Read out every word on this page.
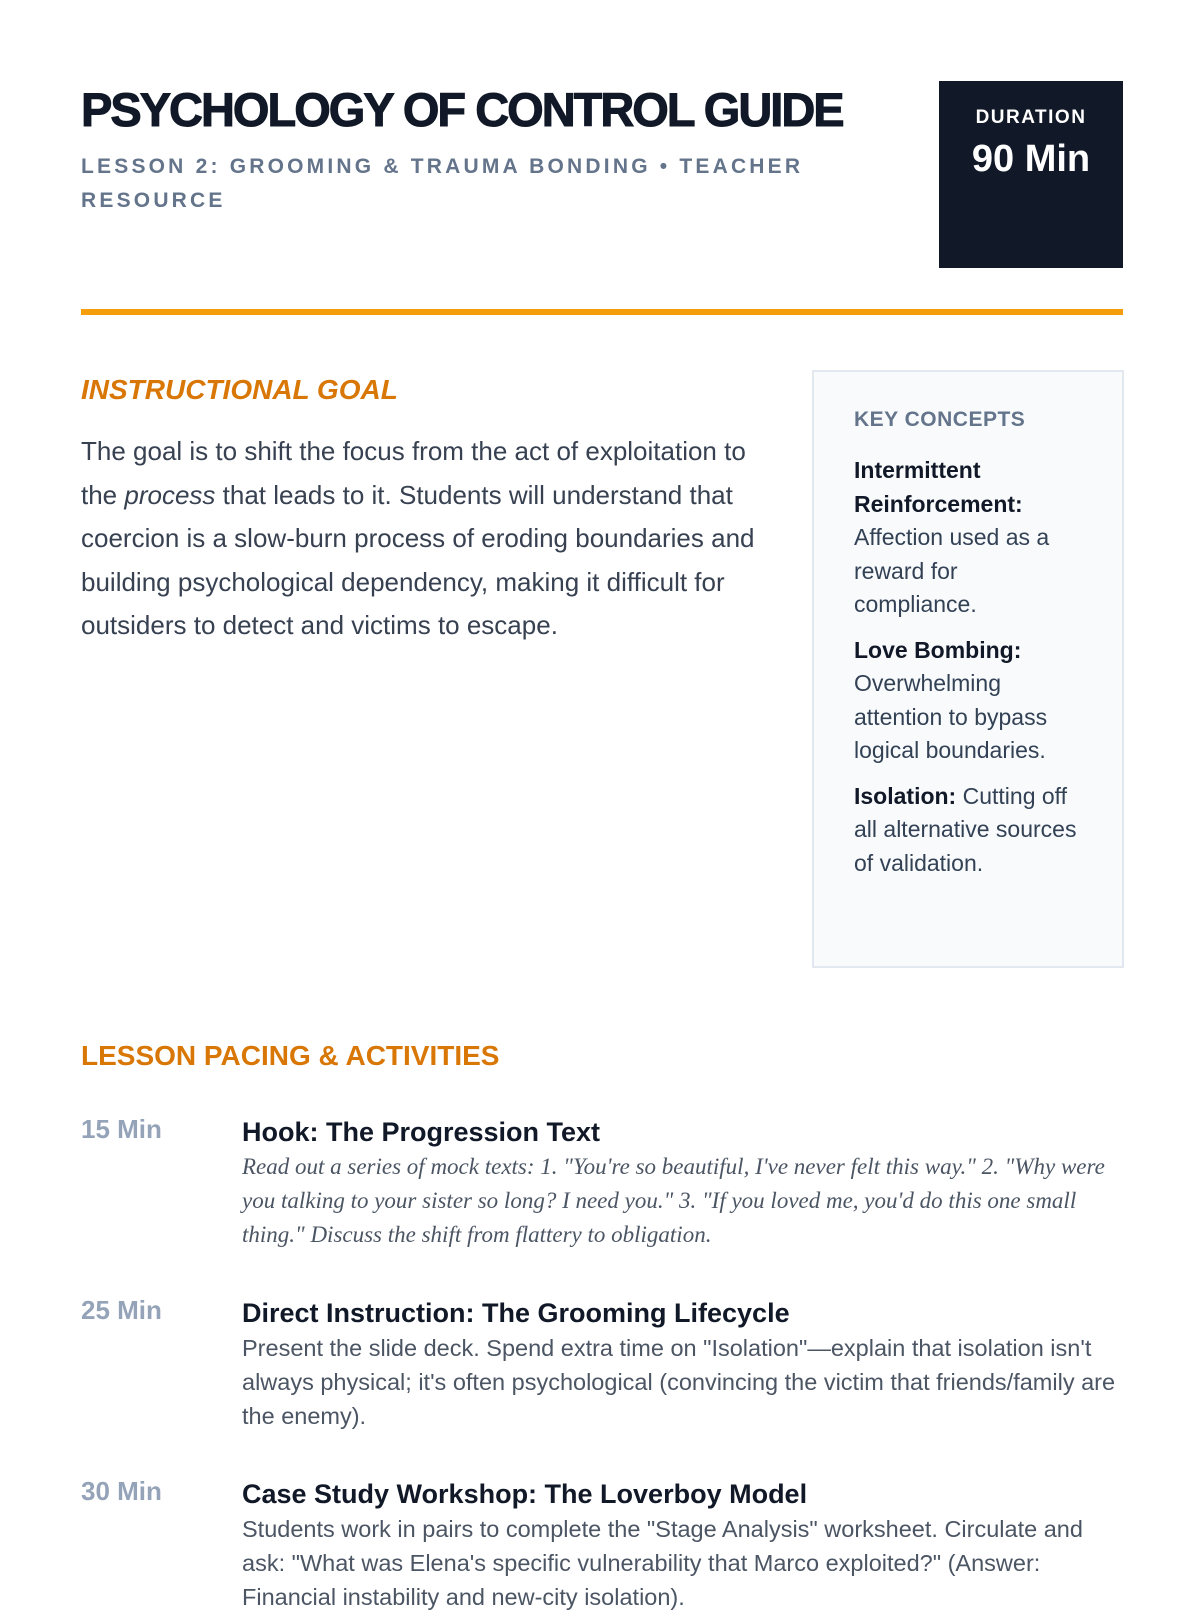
PSYCHOLOGY OF CONTROL GUIDE
LESSON 2: GROOMING & TRAUMA BONDING • TEACHER RESOURCE
DURATION
90 Min
INSTRUCTIONAL GOAL

The goal is to shift the focus from the act of exploitation to the process that leads to it. Students will understand that coercion is a slow-burn process of eroding boundaries and building psychological dependency, making it difficult for outsiders to detect and victims to escape.

KEY CONCEPTS
Intermittent Reinforcement: Affection used as a reward for compliance.
Love Bombing: Overwhelming attention to bypass logical boundaries.
Isolation: Cutting off all alternative sources of validation.
LESSON PACING & ACTIVITIES
15 Min	Hook: The Progression Text
Read out a series of mock texts: 1. "You're so beautiful, I've never felt this way." 2. "Why were you talking to your sister so long? I need you." 3. "If you loved me, you'd do this one small thing." Discuss the shift from flattery to obligation.
25 Min	Direct Instruction: The Grooming Lifecycle
Present the slide deck. Spend extra time on "Isolation"—explain that isolation isn't always physical; it's often psychological (convincing the victim that friends/family are the enemy).
30 Min	Case Study Workshop: The Loverboy Model
Students work in pairs to complete the "Stage Analysis" worksheet. Circulate and ask: "What was Elena's specific vulnerability that Marco exploited?" (Answer: Financial instability and new-city isolation).
